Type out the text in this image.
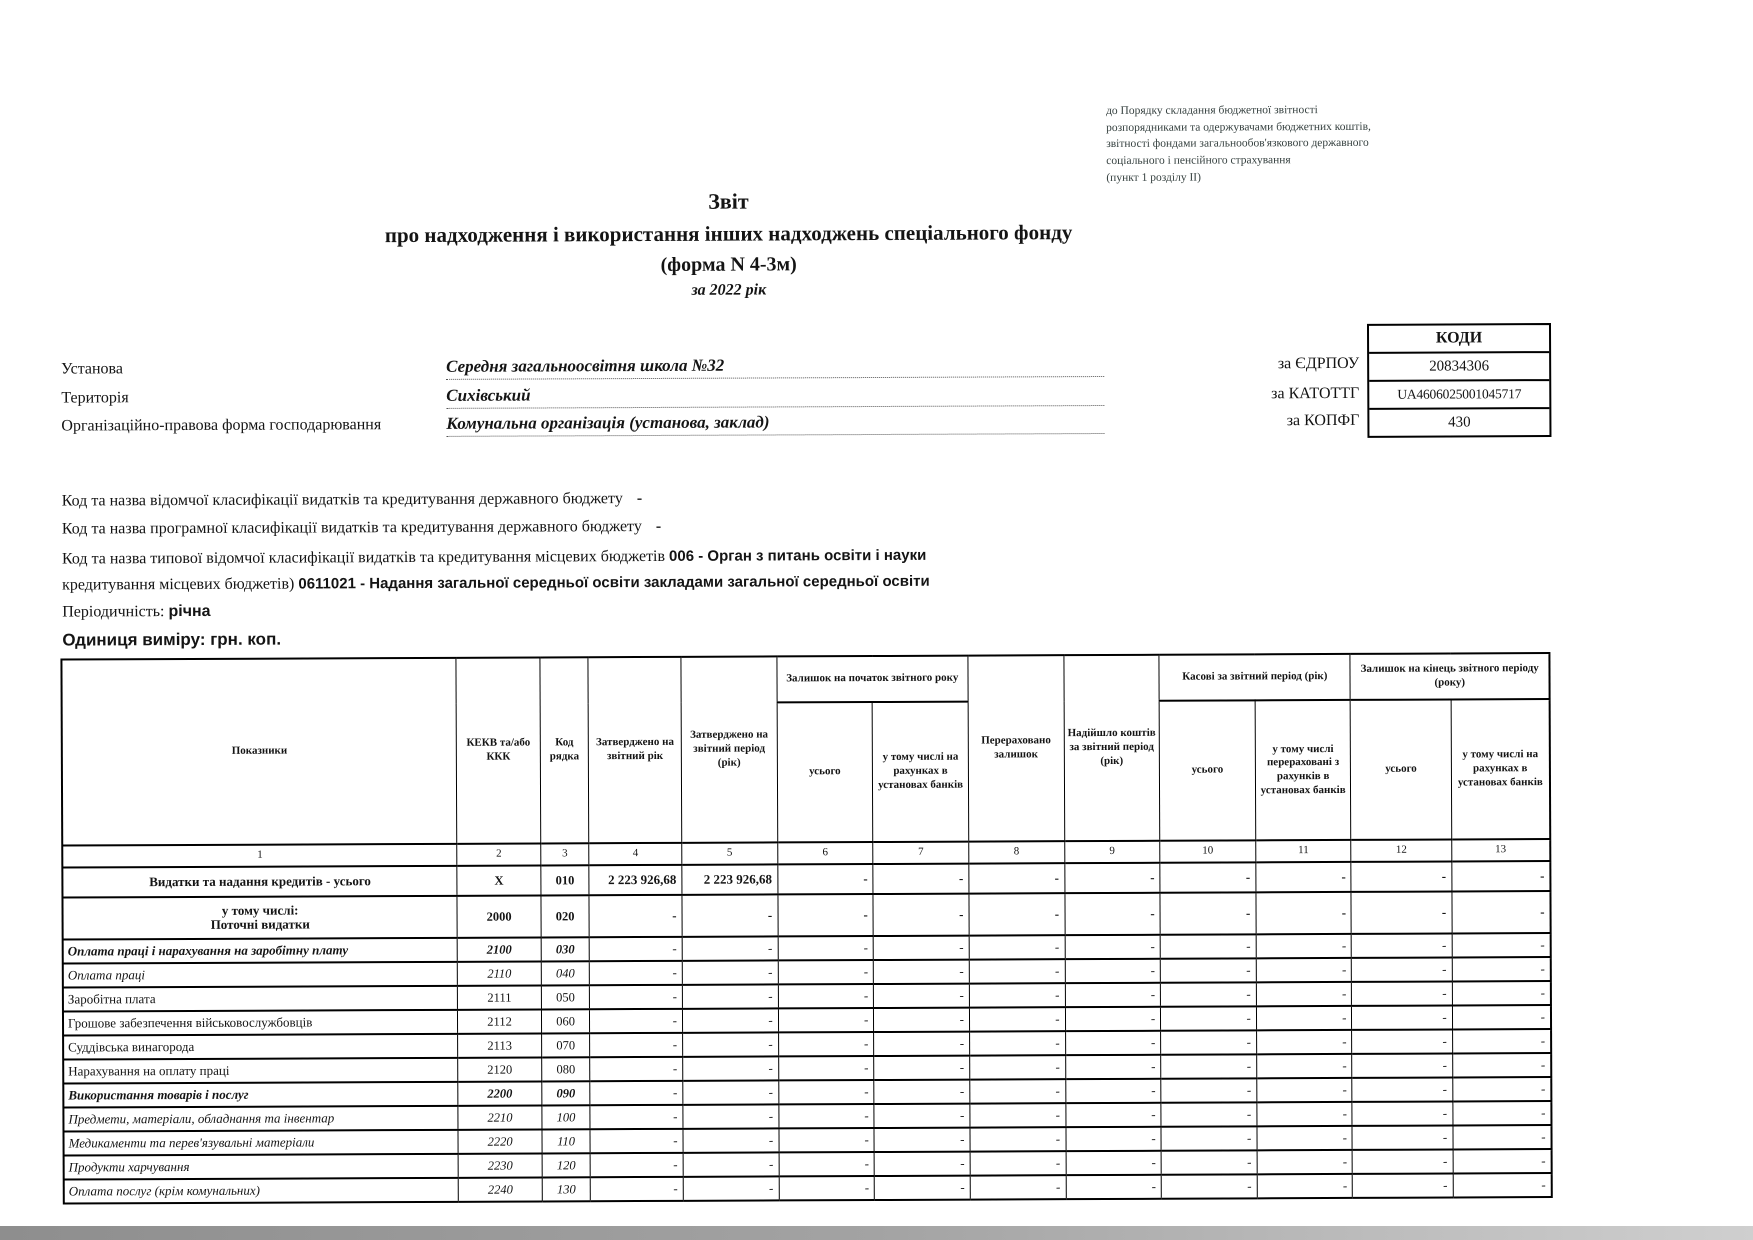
до Порядку складання бюджетної звітності
розпорядниками та одержувачами бюджетних коштів,
звітності фондами загальнообов'язкового державного
соціального і пенсійного страхування
(пункт 1 розділу II)
Звіт
про надходження і використання інших надходжень спеціального фонду
(форма N 4-3м)
за 2022 рік
Установа	Середня загальноосвітня школа №32	за ЄДРПОУ
Територія	Сихівський	за КАТОТТГ
Організаційно-правова форма господарювання	Комунальна організація (установа, заклад)	за КОПФГ
КОДИ
20834306
UA4606025001045717
430
Код та назва відомчої класифікації видатків та кредитування державного бюджету -
Код та назва програмної класифікації видатків та кредитування державного бюджету -
Код та назва типової відомчої класифікації видатків та кредитування місцевих бюджетів 006 - Орган з питань освіти і науки
кредитування місцевих бюджетів) 0611021 - Надання загальної середньої освіти закладами загальної середньої освіти
Періодичність: річна
Одиниця виміру: грн. коп.
Показники	КЕКВ та/або ККК	Код рядка	Затверджено на звітний рік	Затверджено на звітний період (рік)	Залишок на початок звітного року		Перераховано залишок	Надійшло коштів за звітний період (рік)	Касові за звітний період (рік)		Залишок на кінець звітного періоду (року)	
					усього	у тому числі на рахунках в установах банків			усього	у тому числі перераховані з рахунків в установах банків	усього	у тому числі на рахунках в установах банків
1	2	3	4	5	6	7	8	9	10	11	12	13

Видатки та надання кредитів - усього	X	010	2 223 926,68	2 223 926,68	-	-	-	-	-	-	-	-

у тому числі:
Поточні видатки	2000	020	-	-	-	-	-	-	-	-	-	-

Оплата праці і нарахування на заробітну плату	2100	030	-	-	-	-	-	-	-	-	-	-

Оплата праці	2110	040	-	-	-	-	-	-	-	-	-	-

Заробітна плата	2111	050	-	-	-	-	-	-	-	-	-	-

Грошове забезпечення військовослужбовців	2112	060	-	-	-	-	-	-	-	-	-	-

Суддівська винагорода	2113	070	-	-	-	-	-	-	-	-	-	-

Нарахування на оплату праці	2120	080	-	-	-	-	-	-	-	-	-	-

Використання товарів і послуг	2200	090	-	-	-	-	-	-	-	-	-	-

Предмети, матеріали, обладнання та інвентар	2210	100	-	-	-	-	-	-	-	-	-	-

Медикаменти та перев'язувальні матеріали	2220	110	-	-	-	-	-	-	-	-	-	-

Продукти харчування	2230	120	-	-	-	-	-	-	-	-	-	-

Оплата послуг (крім комунальних)	2240	130	-	-	-	-	-	-	-	-	-	-
